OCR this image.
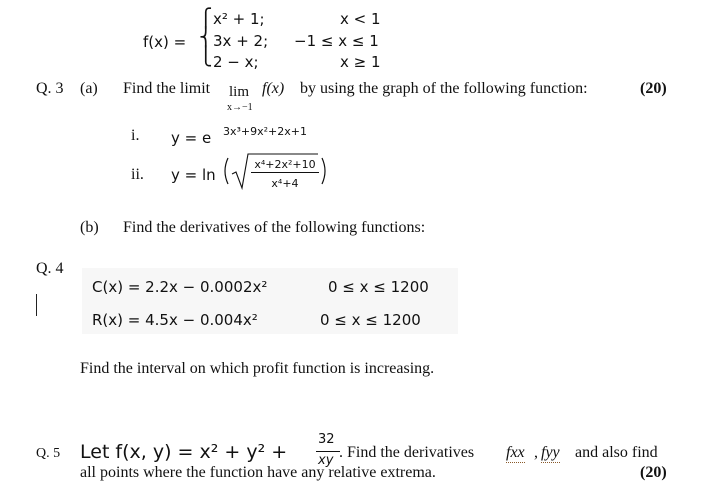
f(x) =
⎧
⎨
⎩
x² + 1;	x < 1
3x + 2; −1 ≤ x ≤ 1
2 − x;	x ≥ 1
Q. 3 (a) Find the limit lim
x→−1
f(x) by using the graph of the following function:	(20)
i. y = e 3x³+9x²+2x+1
ii. y = ln
x⁴+2x²+10
x⁴+4
(b) Find the derivatives of the following functions:
Q. 4
C(x) = 2.2x − 0.0002x²	0 ≤ x ≤ 1200
R(x) = 4.5x − 0.004x²	0 ≤ x ≤ 1200
Find the interval on which profit function is increasing.
Q. 5 Let f(x, y) = x² + y² +
32
xy . Find the derivatives fxx , fyy and also find
all points where the function have any relative extrema.	(20)
